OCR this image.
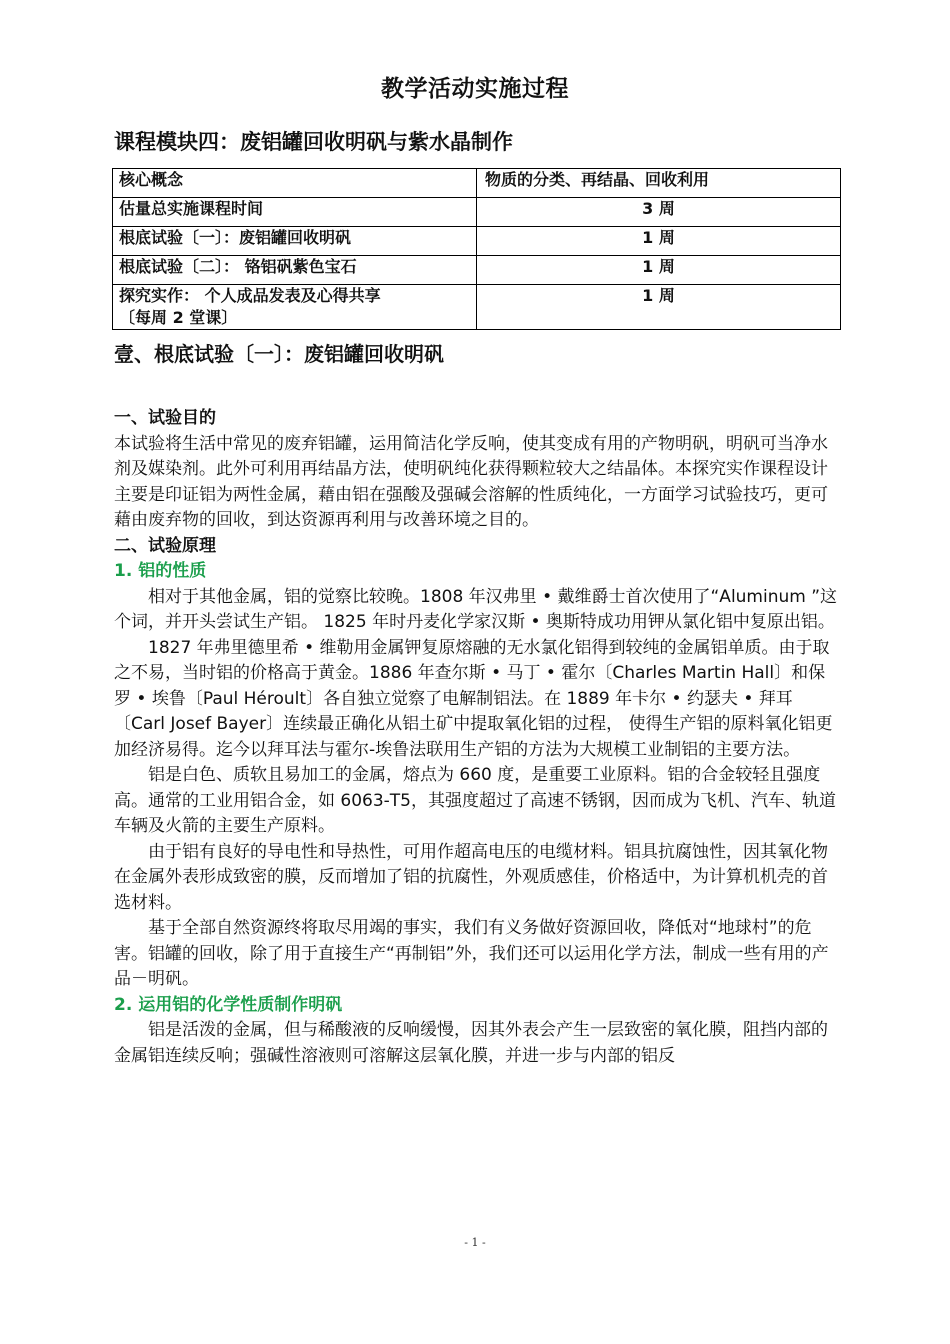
教学活动实施过程
课程模块四：废铝罐回收明矾与紫水晶制作
核心概念	物质的分类、再结晶、回收利用
估量总实施课程时间	3 周
根底试验〔一〕：废铝罐回收明矾	1 周
根底试验〔二〕： 铬铝矾紫色宝石	1 周

探究实作： 个人成品发表及心得共享
〔每周 2 堂课〕	1 周
壹、根底试验〔一〕：废铝罐回收明矾

一、试验目的

本试验将生活中常见的废弃铝罐，运用简洁化学反响，使其变成有用的产物明矾，明矾可当净水剂及媒染剂。此外可利用再结晶方法，使明矾纯化获得颗粒较大之结晶体。本探究实作课程设计主要是印证铝为两性金属，藉由铝在强酸及强碱会溶解的性质纯化，一方面学习试验技巧，更可藉由废弃物的回收，到达资源再利用与改善环境之目的。

二、试验原理

1. 铝的性质

相对于其他金属，铝的觉察比较晚。1808 年汉弗里 • 戴维爵士首次使用了“Aluminum ”这个词，并开头尝试生产铝。 1825 年时丹麦化学家汉斯 • 奥斯特成功用钾从氯化铝中复原出铝。

1827 年弗里德里希 • 维勒用金属钾复原熔融的无水氯化铝得到较纯的金属铝单质。由于取之不易，当时铝的价格高于黄金。1886 年查尔斯 • 马丁 • 霍尔〔Charles Martin Hall〕和保罗 • 埃鲁〔Paul Héroult〕各自独立觉察了电解制铝法。在 1889 年卡尔 • 约瑟夫 • 拜耳〔Carl Josef Bayer〕连续最正确化从铝土矿中提取氧化铝的过程， 使得生产铝的原料氧化铝更加经济易得。迄今以拜耳法与霍尔-埃鲁法联用生产铝的方法为大规模工业制铝的主要方法。

铝是白色、质软且易加工的金属，熔点为 660 度，是重要工业原料。铝的合金较轻且强度高。通常的工业用铝合金，如 6063-T5，其强度超过了高速不锈钢，因而成为飞机、汽车、轨道车辆及火箭的主要生产原料。

由于铝有良好的导电性和导热性，可用作超高电压的电缆材料。铝具抗腐蚀性，因其氧化物在金属外表形成致密的膜，反而增加了铝的抗腐性，外观质感佳，价格适中，为计算机机壳的首选材料。

基于全部自然资源终将取尽用竭的事实，我们有义务做好资源回收，降低对“地球村”的危害。铝罐的回收，除了用于直接生产“再制铝”外，我们还可以运用化学方法，制成一些有用的产品－明矾。

2. 运用铝的化学性质制作明矾

铝是活泼的金属，但与稀酸液的反响缓慢，因其外表会产生一层致密的氧化膜，阻挡内部的金属铝连续反响；强碱性溶液则可溶解这层氧化膜，并进一步与内部的铝反

- 1 -
